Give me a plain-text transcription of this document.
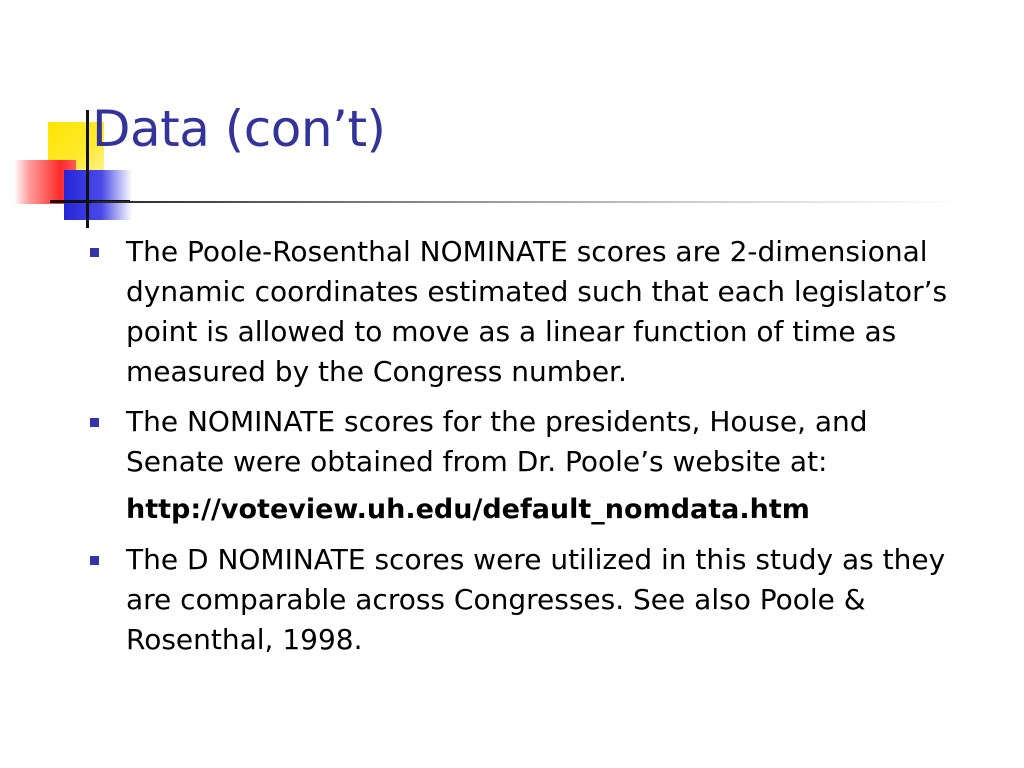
Data (con’t)

The Poole-Rosenthal NOMINATE scores are 2-dimensional dynamic coordinates estimated such that each legislator’s point is allowed to move as a linear function of time as measured by the Congress number.

The NOMINATE scores for the presidents, House, and Senate were obtained from Dr. Poole’s website at:

http://voteview.uh.edu/default_nomdata.htm

The D NOMINATE scores were utilized in this study as they are comparable across Congresses. See also Poole & Rosenthal, 1998.
